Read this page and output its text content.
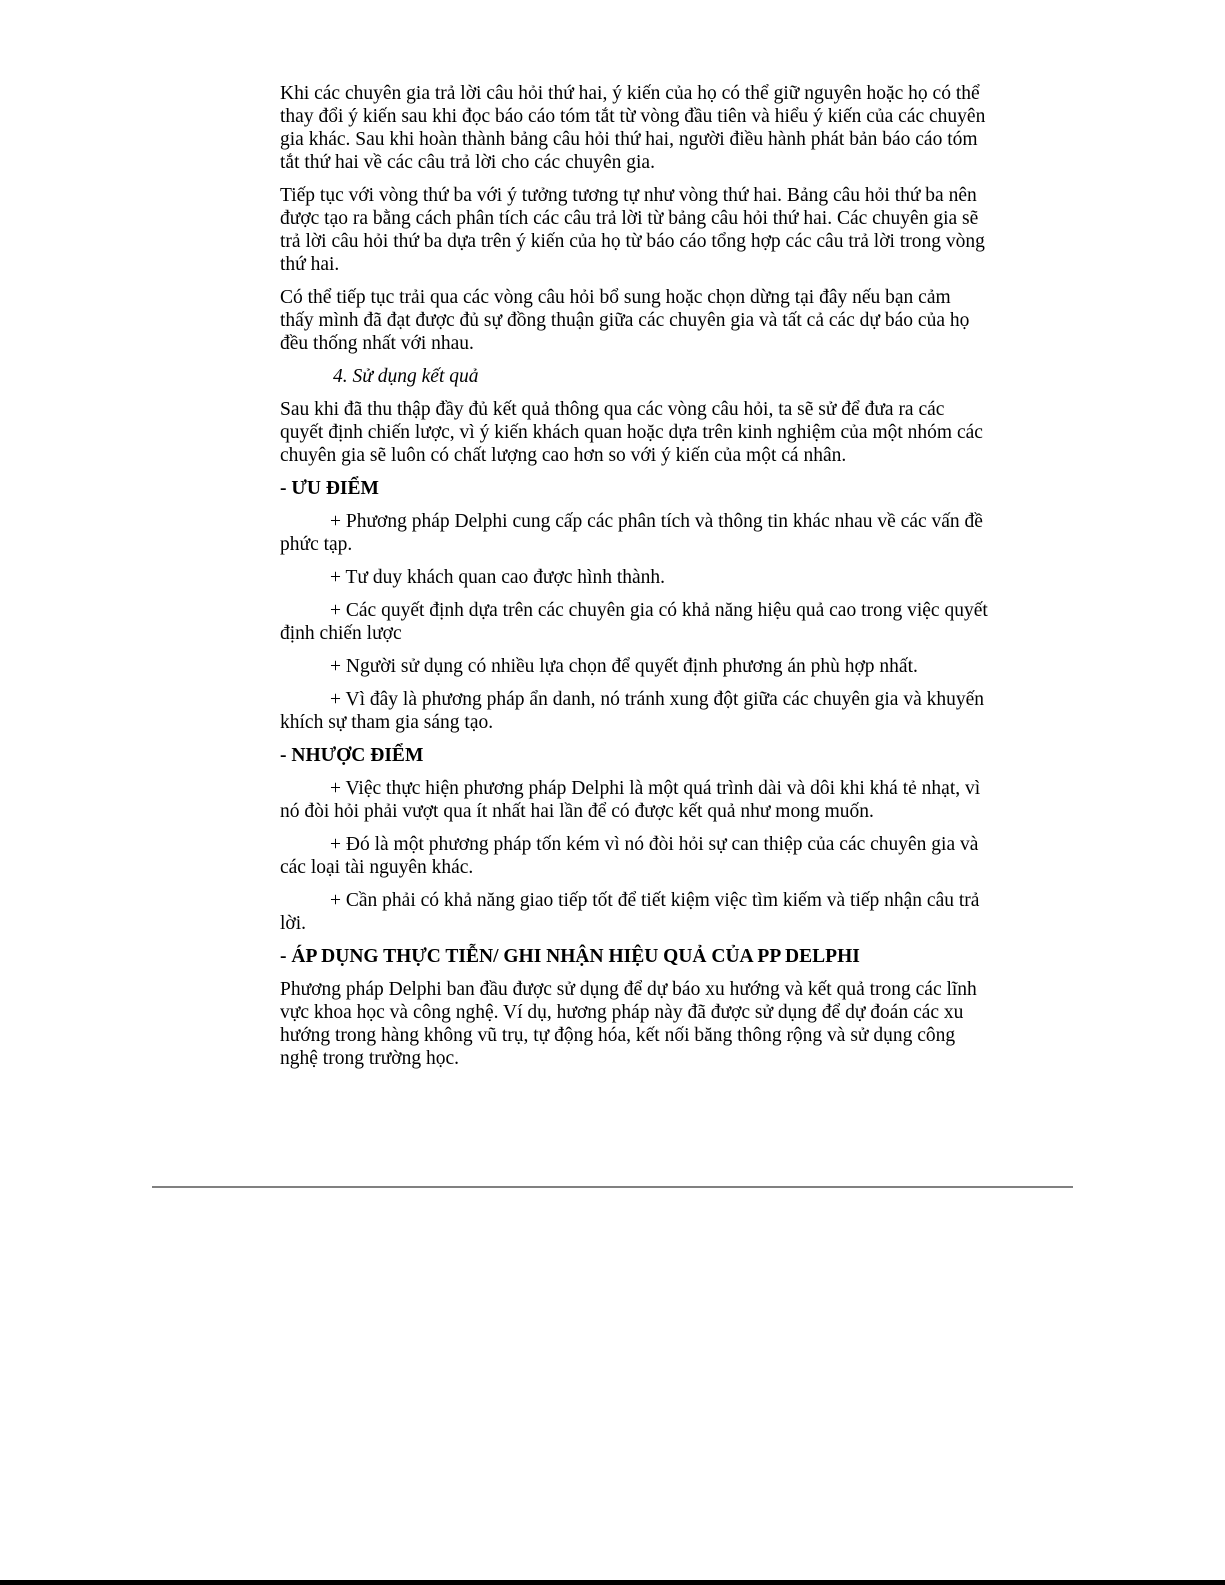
Khi các chuyên gia trả lời câu hỏi thứ hai, ý kiến của họ có thể giữ nguyên hoặc họ có thể thay đổi ý kiến sau khi đọc báo cáo tóm tắt từ vòng đầu tiên và hiểu ý kiến của các chuyên gia khác. Sau khi hoàn thành bảng câu hỏi thứ hai, người điều hành phát bản báo cáo tóm tắt thứ hai về các câu trả lời cho các chuyên gia.

Tiếp tục với vòng thứ ba với ý tưởng tương tự như vòng thứ hai. Bảng câu hỏi thứ ba nên được tạo ra bằng cách phân tích các câu trả lời từ bảng câu hỏi thứ hai. Các chuyên gia sẽ trả lời câu hỏi thứ ba dựa trên ý kiến của họ từ báo cáo tổng hợp các câu trả lời trong vòng thứ hai.

Có thể tiếp tục trải qua các vòng câu hỏi bổ sung hoặc chọn dừng tại đây nếu bạn cảm thấy mình đã đạt được đủ sự đồng thuận giữa các chuyên gia và tất cả các dự báo của họ đều thống nhất với nhau.

4. Sử dụng kết quả

Sau khi đã thu thập đầy đủ kết quả thông qua các vòng câu hỏi, ta sẽ sử để đưa ra các quyết định chiến lược, vì ý kiến khách quan hoặc dựa trên kinh nghiệm của một nhóm các chuyên gia sẽ luôn có chất lượng cao hơn so với ý kiến của một cá nhân.

- ƯU ĐIỂM

+ Phương pháp Delphi cung cấp các phân tích và thông tin khác nhau về các vấn đề phức tạp.

+ Tư duy khách quan cao được hình thành.

+ Các quyết định dựa trên các chuyên gia có khả năng hiệu quả cao trong việc quyết định chiến lược

+ Người sử dụng có nhiều lựa chọn để quyết định phương án phù hợp nhất.

+ Vì đây là phương pháp ẩn danh, nó tránh xung đột giữa các chuyên gia và khuyến khích sự tham gia sáng tạo.

- NHƯỢC ĐIỂM

+ Việc thực hiện phương pháp Delphi là một quá trình dài và dôi khi khá tẻ nhạt, vì nó đòi hỏi phải vượt qua ít nhất hai lần để có được kết quả như mong muốn.

+ Đó là một phương pháp tốn kém vì nó đòi hỏi sự can thiệp của các chuyên gia và các loại tài nguyên khác.

+ Cần phải có khả năng giao tiếp tốt để tiết kiệm việc tìm kiếm và tiếp nhận câu trả lời.

- ÁP DỤNG THỰC TIỄN/ GHI NHẬN HIỆU QUẢ CỦA PP DELPHI

Phương pháp Delphi ban đầu được sử dụng để dự báo xu hướng và kết quả trong các lĩnh vực khoa học và công nghệ. Ví dụ, hương pháp này đã được sử dụng để dự đoán các xu hướng trong hàng không vũ trụ, tự động hóa, kết nối băng thông rộng và sử dụng công nghệ trong trường học.
